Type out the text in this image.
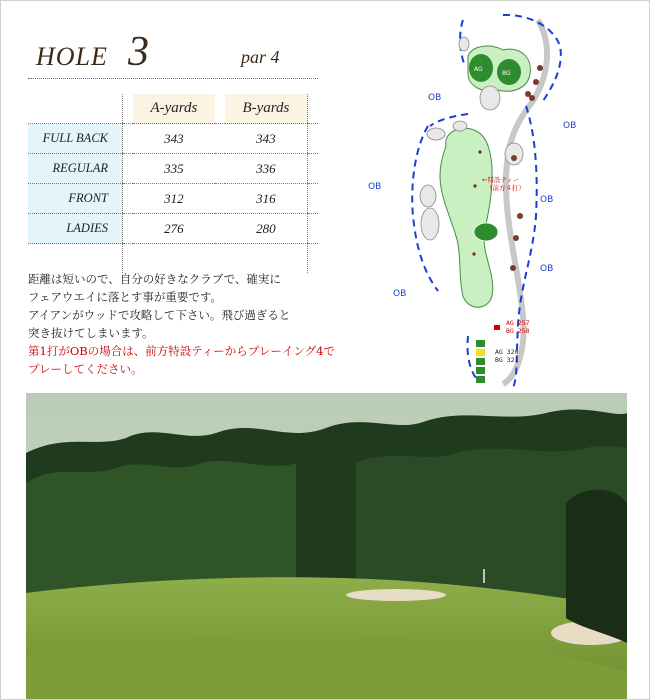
HOLE 3	par 4
		A-yards		B-yards	
FULL BACK		343		343	
REGULAR		335		336	
FRONT		312		316	
LADIES		276		280	

距離は短いので、自分の好きなクラブで、確実に

フェアウエイに落とす事が重要です。

アイアンがウッドで攻略して下さい。飛び過ぎると

突き抜けてしまいます。

第1打がOBの場合は、前方特設ティーからプレーイング4で

プレーしてください。

AG
BG
←特設ティー
（前方４打）
AG 257
BG 258
AG 320
BG 321
OB
OB
OB
OB
OB
OB
